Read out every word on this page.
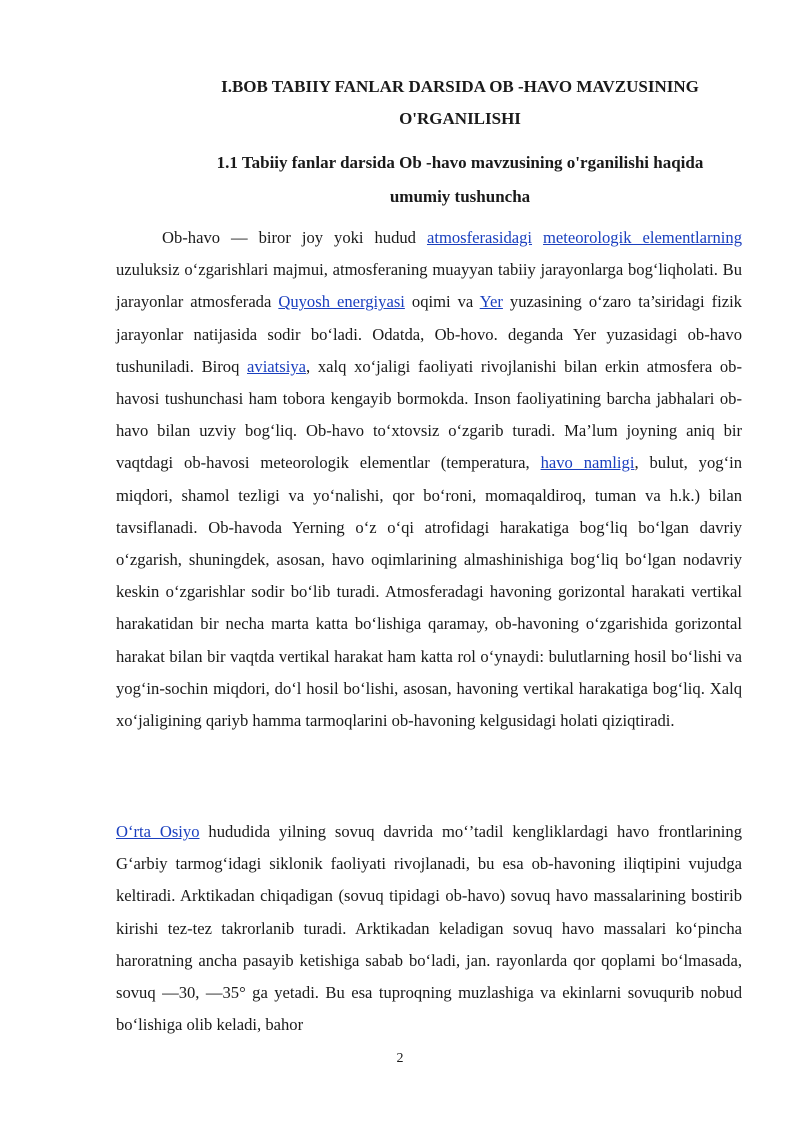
I.BOB TABIIY FANLAR DARSIDA OB -HAVO MAVZUSINING
O'RGANILISHI
1.1 Tabiiy fanlar darsida Ob -havo mavzusining o'rganilishi haqida
umumiy tushuncha

Ob-havo — biror joy yoki hudud atmosferasidagi meteorologik elementlarning uzuluksiz o‘zgarishlari majmui, atmosferaning muayyan tabiiy jarayonlarga bog‘liqholati. Bu jarayonlar atmosferada Quyosh energiyasi oqimi va Yer yuzasining o‘zaro ta’siridagi fizik jarayonlar natijasida sodir bo‘ladi. Odatda, Ob-hovo. deganda Yer yuzasidagi ob-havo tushuniladi. Biroq aviatsiya, xalq xo‘jaligi faoliyati rivojlanishi bilan erkin atmosfera ob-havosi tushunchasi ham tobora kengayib bormokda. Inson faoliyatining barcha jabhalari ob-havo bilan uzviy bog‘liq. Ob-havo to‘xtovsiz o‘zgarib turadi. Ma’lum joyning aniq bir vaqtdagi ob-havosi meteorologik elementlar (temperatura, havo namligi, bulut, yog‘in miqdori, shamol tezligi va yo‘nalishi, qor bo‘roni, momaqaldiroq, tuman va h.k.) bilan tavsiflanadi. Ob-havoda Yerning o‘z o‘qi atrofidagi harakatiga bog‘liq bo‘lgan davriy o‘zgarish, shuningdek, asosan, havo oqimlarining almashinishiga bog‘liq bo‘lgan nodavriy keskin o‘zgarishlar sodir bo‘lib turadi. Atmosferadagi havoning gorizontal harakati vertikal harakatidan bir necha marta katta bo‘lishiga qaramay, ob-havoning o‘zgarishida gorizontal harakat bilan bir vaqtda vertikal harakat ham katta rol o‘ynaydi: bulutlarning hosil bo‘lishi va yog‘in-sochin miqdori, do‘l hosil bo‘lishi, asosan, havoning vertikal harakatiga bog‘liq. Xalq xo‘jaligining qariyb hamma tarmoqlarini ob-havoning kelgusidagi holati qiziqtiradi.

O‘rta Osiyo hududida yilning sovuq davrida mo‘’tadil kengliklardagi havo frontlarining G‘arbiy tarmog‘idagi siklonik faoliyati rivojlanadi, bu esa ob-havoning iliqtipini vujudga keltiradi. Arktikadan chiqadigan (sovuq tipidagi ob-havo) sovuq havo massalarining bostirib kirishi tez-tez takrorlanib turadi. Arktikadan keladigan sovuq havo massalari ko‘pincha haroratning ancha pasayib ketishiga sabab bo‘ladi, jan. rayonlarda qor qoplami bo‘lmasada, sovuq —30, —35° ga yetadi. Bu esa tuproqning muzlashiga va ekinlarni sovuqurib nobud bo‘lishiga olib keladi, bahor

2
